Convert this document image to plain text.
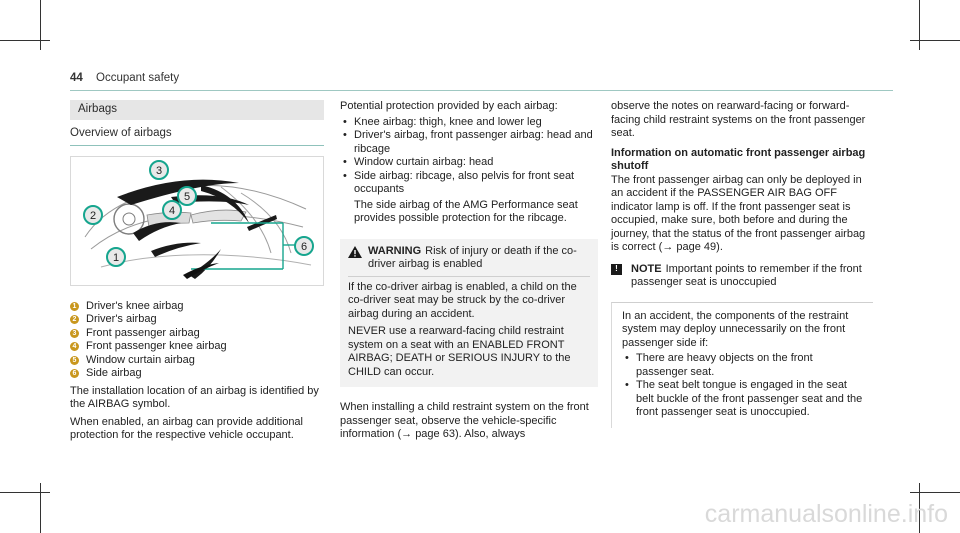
44 Occupant safety
Airbags
Overview of airbags
1
2
3
4
5
6
1 Driver's knee airbag
2 Driver's airbag
3 Front passenger airbag
4 Front passenger knee airbag
5 Window curtain airbag
6 Side airbag

The installation location of an airbag is identified by the AIRBAG symbol.

When enabled, an airbag can provide additional protection for the respective vehicle occupant.

Potential protection provided by each airbag:

• Knee airbag: thigh, knee and lower leg
• Driver's airbag, front passenger airbag: head and ribcage
• Window curtain airbag: head
• Side airbag: ribcage, also pelvis for front seat occupants
The side airbag of the AMG Performance seat provides possible protection for the ribcage.
WARNING Risk of injury or death if the co-driver airbag is enabled

If the co-driver airbag is enabled, a child on the co-driver seat may be struck by the co-driver airbag during an accident.

NEVER use a rearward-facing child restraint system on a seat with an ENABLED FRONT AIRBAG; DEATH or SERIOUS INJURY to the CHILD can occur.

When installing a child restraint system on the front passenger seat, observe the vehicle-specific information (→ page 63). Also, always

observe the notes on rearward-facing or forward-facing child restraint systems on the front passenger seat.

Information on automatic front passenger airbag shutoff

The front passenger airbag can only be deployed in an accident if the PASSENGER AIR BAG OFF indicator lamp is off. If the front passenger seat is occupied, make sure, both before and during the journey, that the status of the front passenger airbag is correct (→ page 49).

!	NOTE Important points to remember if the front passenger seat is unoccupied

In an accident, the components of the restraint system may deploy unnecessarily on the front passenger side if:

• There are heavy objects on the front passenger seat.
• The seat belt tongue is engaged in the seat belt buckle of the front passenger seat and the front passenger seat is unoccupied.
carmanualsonline.info
